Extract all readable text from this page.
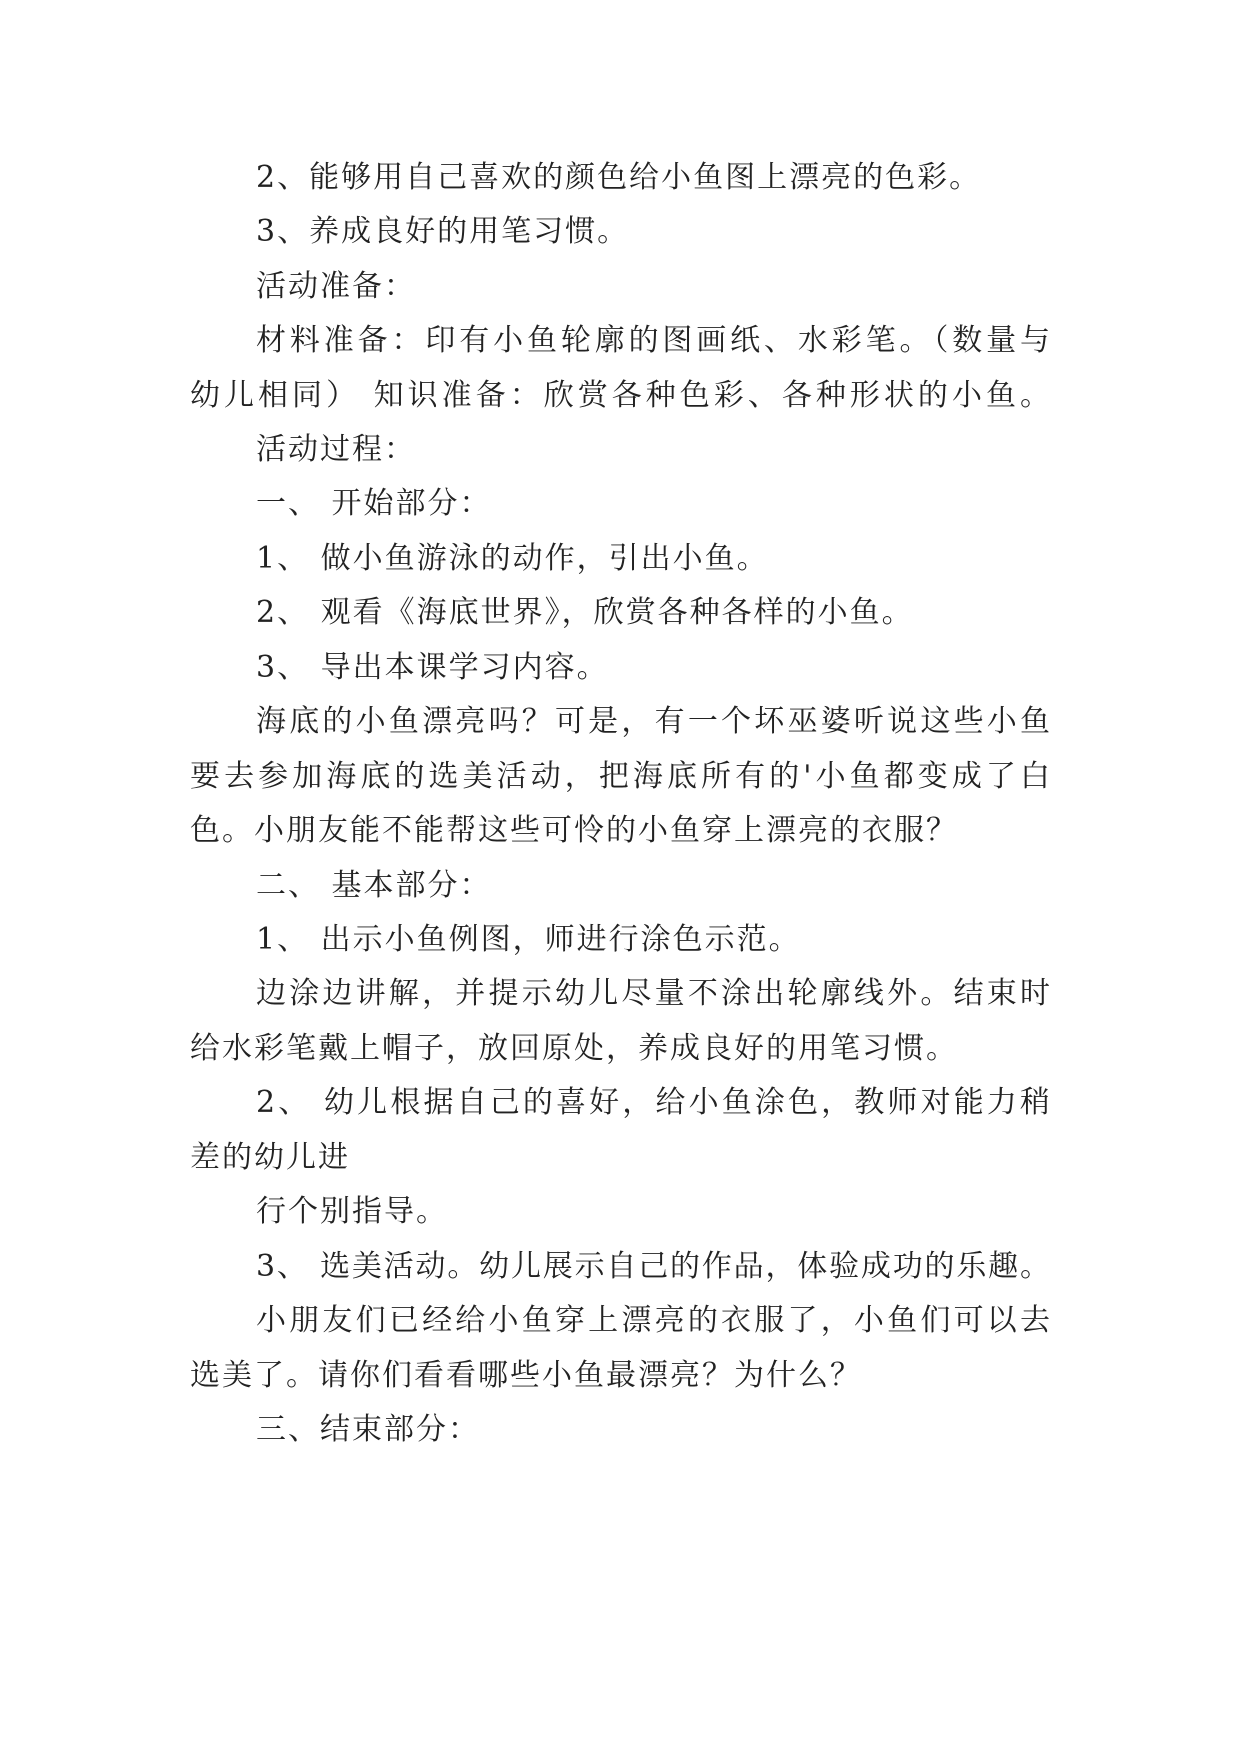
2、能够用自己喜欢的颜色给小鱼图上漂亮的色彩。
3、养成良好的用笔习惯。
活动准备：
材料准备：印有小鱼轮廓的图画纸、水彩笔。（数量与
幼儿相同） 知识准备：欣赏各种色彩、各种形状的小鱼。
活动过程：
一、 开始部分：
1、 做小鱼游泳的动作，引出小鱼。
2、 观看《海底世界》，欣赏各种各样的小鱼。
3、 导出本课学习内容。
海底的小鱼漂亮吗？可是，有一个坏巫婆听说这些小鱼
要去参加海底的选美活动，把海底所有的'小鱼都变成了白
色。小朋友能不能帮这些可怜的小鱼穿上漂亮的衣服？
二、 基本部分：
1、 出示小鱼例图，师进行涂色示范。
边涂边讲解，并提示幼儿尽量不涂出轮廓线外。结束时
给水彩笔戴上帽子，放回原处，养成良好的用笔习惯。
2、 幼儿根据自己的喜好，给小鱼涂色，教师对能力稍
差的幼儿进
行个别指导。
3、 选美活动。幼儿展示自己的作品，体验成功的乐趣。
小朋友们已经给小鱼穿上漂亮的衣服了，小鱼们可以去
选美了。请你们看看哪些小鱼最漂亮？为什么？
三、结束部分：
